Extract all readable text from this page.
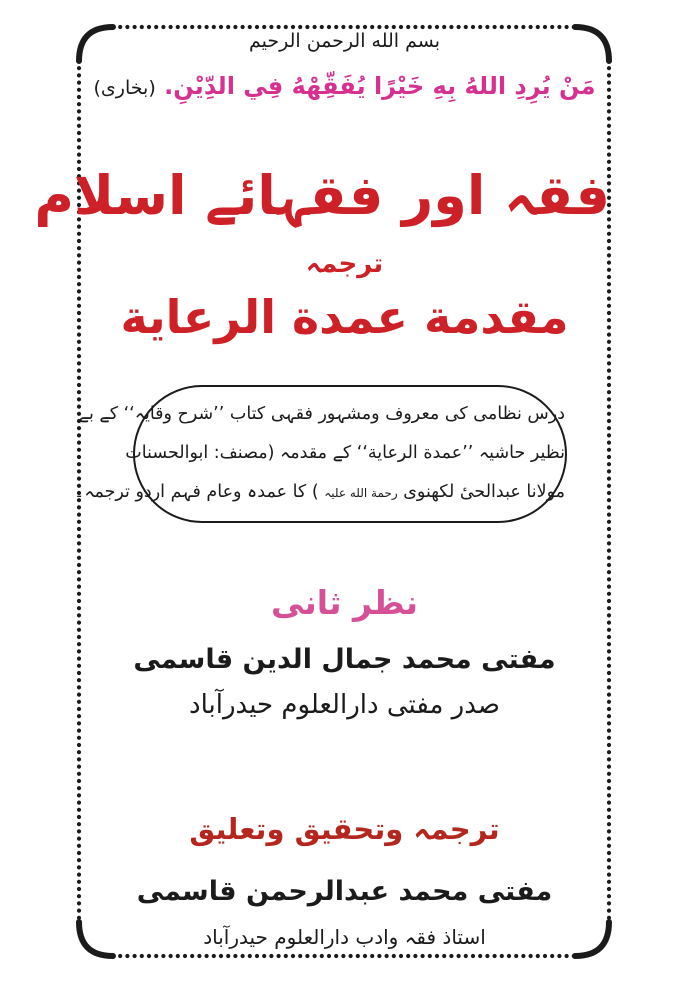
بسم الله الرحمن الرحيم
مَنْ يُرِدِ اللهُ بِهِ خَيْرًا يُفَقِّهْهُ فِي الدِّيْنِ. (بخاری)
فقہ اور فقہائے اسلام
ترجمہ
مقدمة عمدة الرعاية
درس نظامی کی معروف ومشہور فقہی کتاب ’’شرح وقایہ‘‘ کے بے
نظیر حاشیہ ’’عمدة الرعایة‘‘ کے مقدمہ (مصنف: ابوالحسنات
مولانا عبدالحیٔ لکھنوی رحمة الله علیہ ) کا عمدہ وعام فہم اردو ترجمہ۔
نظر ثانی
مفتی محمد جمال الدین قاسمی
صدر مفتی دارالعلوم حیدرآباد
ترجمہ وتحقیق وتعلیق
مفتی محمد عبدالرحمن قاسمی
استاذ فقہ وادب دارالعلوم حیدرآباد
